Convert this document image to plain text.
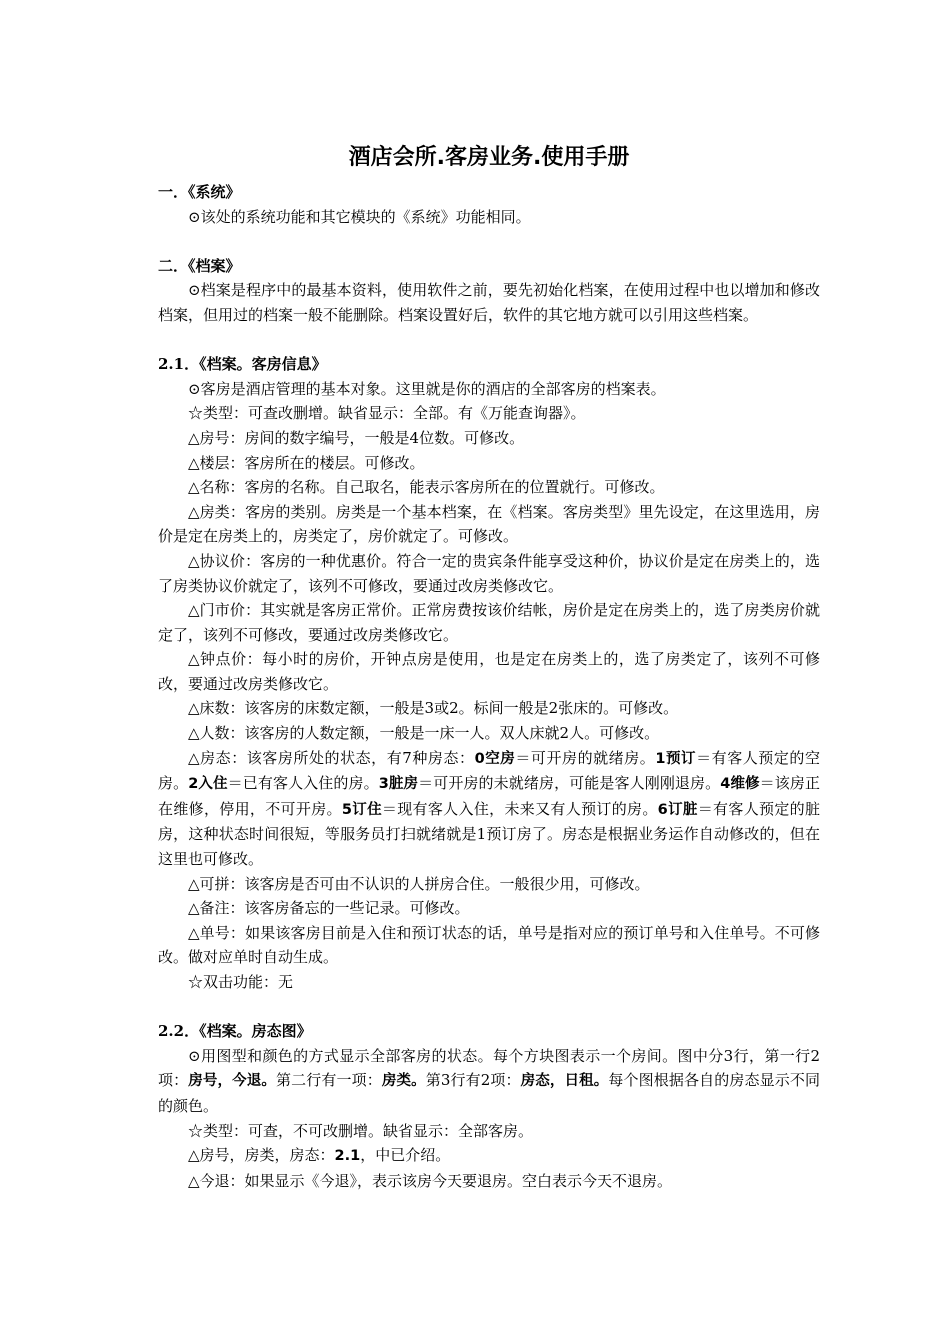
酒店会所.客房业务.使用手册

一．《系统》

⊙该处的系统功能和其它模块的《系统》功能相同。

二．《档案》

⊙档案是程序中的最基本资料，使用软件之前，要先初始化档案，在使用过程中也以增加和修改档案，但用过的档案一般不能删除。档案设置好后，软件的其它地方就可以引用这些档案。

2.1．《档案。客房信息》

⊙客房是酒店管理的基本对象。这里就是你的酒店的全部客房的档案表。

☆类型：可查改删增。缺省显示：全部。有《万能查询器》。

△房号：房间的数字编号，一般是4位数。可修改。

△楼层：客房所在的楼层。可修改。

△名称：客房的名称。自己取名，能表示客房所在的位置就行。可修改。

△房类：客房的类别。房类是一个基本档案，在《档案。客房类型》里先设定，在这里选用，房价是定在房类上的，房类定了，房价就定了。可修改。

△协议价：客房的一种优惠价。符合一定的贵宾条件能享受这种价，协议价是定在房类上的，选了房类协议价就定了，该列不可修改，要通过改房类修改它。

△门市价：其实就是客房正常价。正常房费按该价结帐，房价是定在房类上的，选了房类房价就定了，该列不可修改，要通过改房类修改它。

△钟点价：每小时的房价，开钟点房是使用，也是定在房类上的，选了房类定了，该列不可修改，要通过改房类修改它。

△床数：该客房的床数定额，一般是3或2。标间一般是2张床的。可修改。

△人数：该客房的人数定额，一般是一床一人。双人床就2人。可修改。

△房态：该客房所处的状态，有7种房态：0空房＝可开房的就绪房。1预订＝有客人预定的空房。2入住＝已有客人入住的房。3脏房＝可开房的未就绪房，可能是客人刚刚退房。4维修＝该房正在维修，停用，不可开房。5订住＝现有客人入住，未来又有人预订的房。6订脏＝有客人预定的脏房，这种状态时间很短，等服务员打扫就绪就是1预订房了。房态是根据业务运作自动修改的，但在这里也可修改。

△可拼：该客房是否可由不认识的人拼房合住。一般很少用，可修改。

△备注：该客房备忘的一些记录。可修改。

△单号：如果该客房目前是入住和预订状态的话，单号是指对应的预订单号和入住单号。不可修改。做对应单时自动生成。

☆双击功能：无

2.2．《档案。房态图》

⊙用图型和颜色的方式显示全部客房的状态。每个方块图表示一个房间。图中分3行，第一行2项：房号，今退。第二行有一项：房类。第3行有2项：房态，日租。每个图根据各自的房态显示不同的颜色。

☆类型：可查，不可改删增。缺省显示：全部客房。

△房号，房类，房态：2.1，中已介绍。

△今退：如果显示《今退》，表示该房今天要退房。空白表示今天不退房。
